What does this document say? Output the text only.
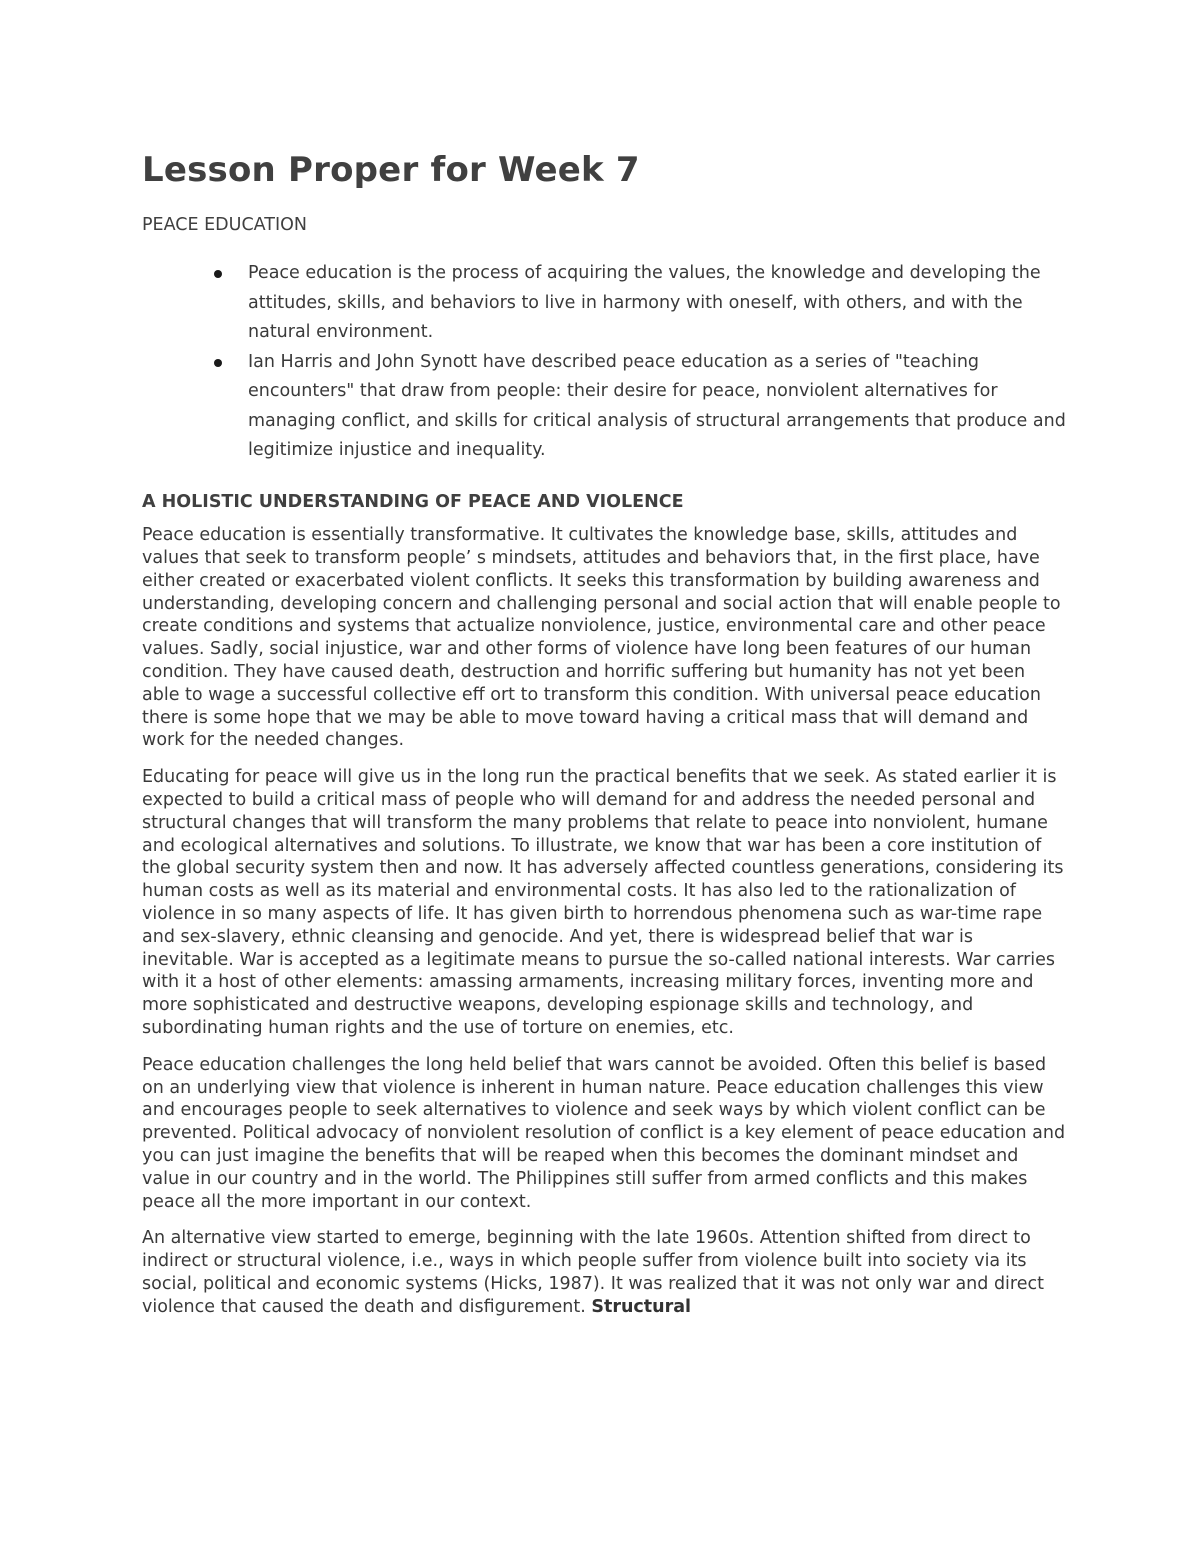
Lesson Proper for Week 7
PEACE EDUCATION
Peace education is the process of acquiring the values, the knowledge and developing the attitudes, skills, and behaviors to live in harmony with oneself, with others, and with the natural environment.
Ian Harris and John Synott have described peace education as a series of "teaching encounters" that draw from people: their desire for peace, nonviolent alternatives for managing conflict, and skills for critical analysis of structural arrangements that produce and legitimize injustice and inequality.
A HOLISTIC UNDERSTANDING OF PEACE AND VIOLENCE

Peace education is essentially transformative. It cultivates the knowledge base, skills, attitudes and values that seek to transform people’ s mindsets, attitudes and behaviors that, in the first place, have either created or exacerbated violent conflicts. It seeks this transformation by building awareness and understanding, developing concern and challenging personal and social action that will enable people to create conditions and systems that actualize nonviolence, justice, environmental care and other peace values. Sadly, social injustice, war and other forms of violence have long been features of our human condition. They have caused death, destruction and horrific suffering but humanity has not yet been able to wage a successful collective eff ort to transform this condition. With universal peace education there is some hope that we may be able to move toward having a critical mass that will demand and work for the needed changes.

Educating for peace will give us in the long run the practical benefits that we seek. As stated earlier it is expected to build a critical mass of people who will demand for and address the needed personal and structural changes that will transform the many problems that relate to peace into nonviolent, humane and ecological alternatives and solutions. To illustrate, we know that war has been a core institution of the global security system then and now. It has adversely affected countless generations, considering its human costs as well as its material and environmental costs. It has also led to the rationalization of violence in so many aspects of life. It has given birth to horrendous phenomena such as war-time rape and sex-slavery, ethnic cleansing and genocide. And yet, there is widespread belief that war is inevitable. War is accepted as a legitimate means to pursue the so-called national interests. War carries with it a host of other elements: amassing armaments, increasing military forces, inventing more and more sophisticated and destructive weapons, developing espionage skills and technology, and subordinating human rights and the use of torture on enemies, etc.

Peace education challenges the long held belief that wars cannot be avoided. Often this belief is based on an underlying view that violence is inherent in human nature. Peace education challenges this view and encourages people to seek alternatives to violence and seek ways by which violent conflict can be prevented. Political advocacy of nonviolent resolution of conflict is a key element of peace education and you can just imagine the benefits that will be reaped when this becomes the dominant mindset and value in our country and in the world. The Philippines still suffer from armed conflicts and this makes peace all the more important in our context.

An alternative view started to emerge, beginning with the late 1960s. Attention shifted from direct to indirect or structural violence, i.e., ways in which people suffer from violence built into society via its social, political and economic systems (Hicks, 1987). It was realized that it was not only war and direct violence that caused the death and disfigurement. Structural
